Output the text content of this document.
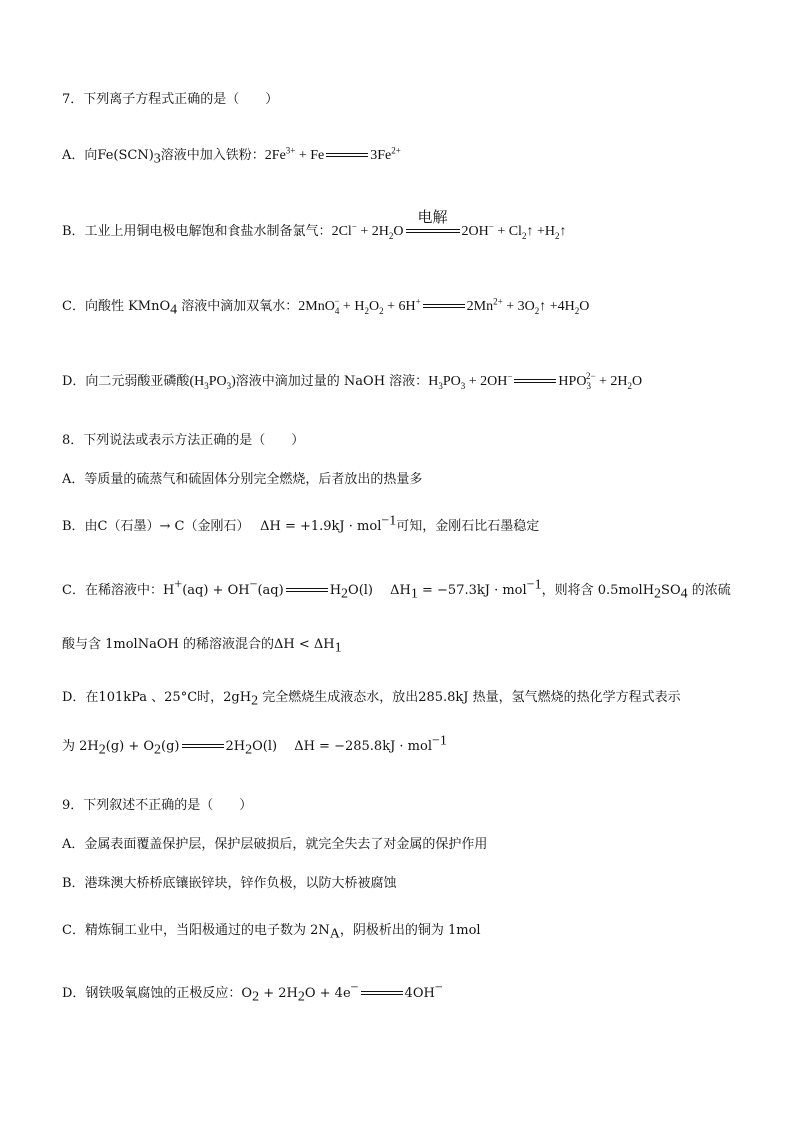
7．下列离子方程式正确的是（　　）
A．向$Fe(SCN)_3$溶液中加入铁粉：$2Fe^{3+} + Fe$	$3Fe^{2+}$
B．工业上用铜电极电解饱和食盐水制备氯气：$2Cl^- + 2H_2O$
电解
$2OH^- + Cl_2↑$ $+H_2↑$
C．向酸性 KMnO$_4$ 溶液中滴加双氧水：$2MnO_4^- + H_2O_2 + 6H^+$	$2Mn^{2+}$ + $3O_2↑ +4H_2O$
D．向二元弱酸亚磷酸$(H_3PO_3)$溶液中滴加过量的 NaOH 溶液：$H_3PO_3 + 2OH^-$	$HPO_3^{2-} + 2H_2O$
8．下列说法或表示方法正确的是（　　）
A．等质量的硫蒸气和硫固体分别完全燃烧，后者放出的热量多
B．由C（石墨）→ C（金刚石）　 ΔH = +1.9kJ · mol$^{-1}$可知，金刚石比石墨稳定
C．在稀溶液中：H+(aq) + OH−(aq)	$H_2O(l)$　 $\Delta H_1 = -57.3kJ \cdot mol^{-1}$，则将含 $0.5molH_2SO_4$ 的浓硫
酸与含 1molNaOH 的稀溶液混合的$\Delta H < \Delta H_1$
D．在101kPa 、25°C时，$2gH_2$ 完全燃烧生成液态水，放出285.8kJ 热量，氢气燃烧的热化学方程式表示
为 $2H_2(g) + O_2(g)$	$2H_2O(l)$　 ΔH = −285.8kJ · mol$^{-1}$
9．下列叙述不正确的是（　　）
A．金属表面覆盖保护层，保护层破损后，就完全失去了对金属的保护作用
B．港珠澳大桥桥底镶嵌锌块，锌作负极，以防大桥被腐蚀
C．精炼铜工业中，当阳极通过的电子数为 $2N_A$，阴极析出的铜为 1mol
D．钢铁吸氧腐蚀的正极反应：$O_2 + 2H_2O + 4e^-$	4OH−
